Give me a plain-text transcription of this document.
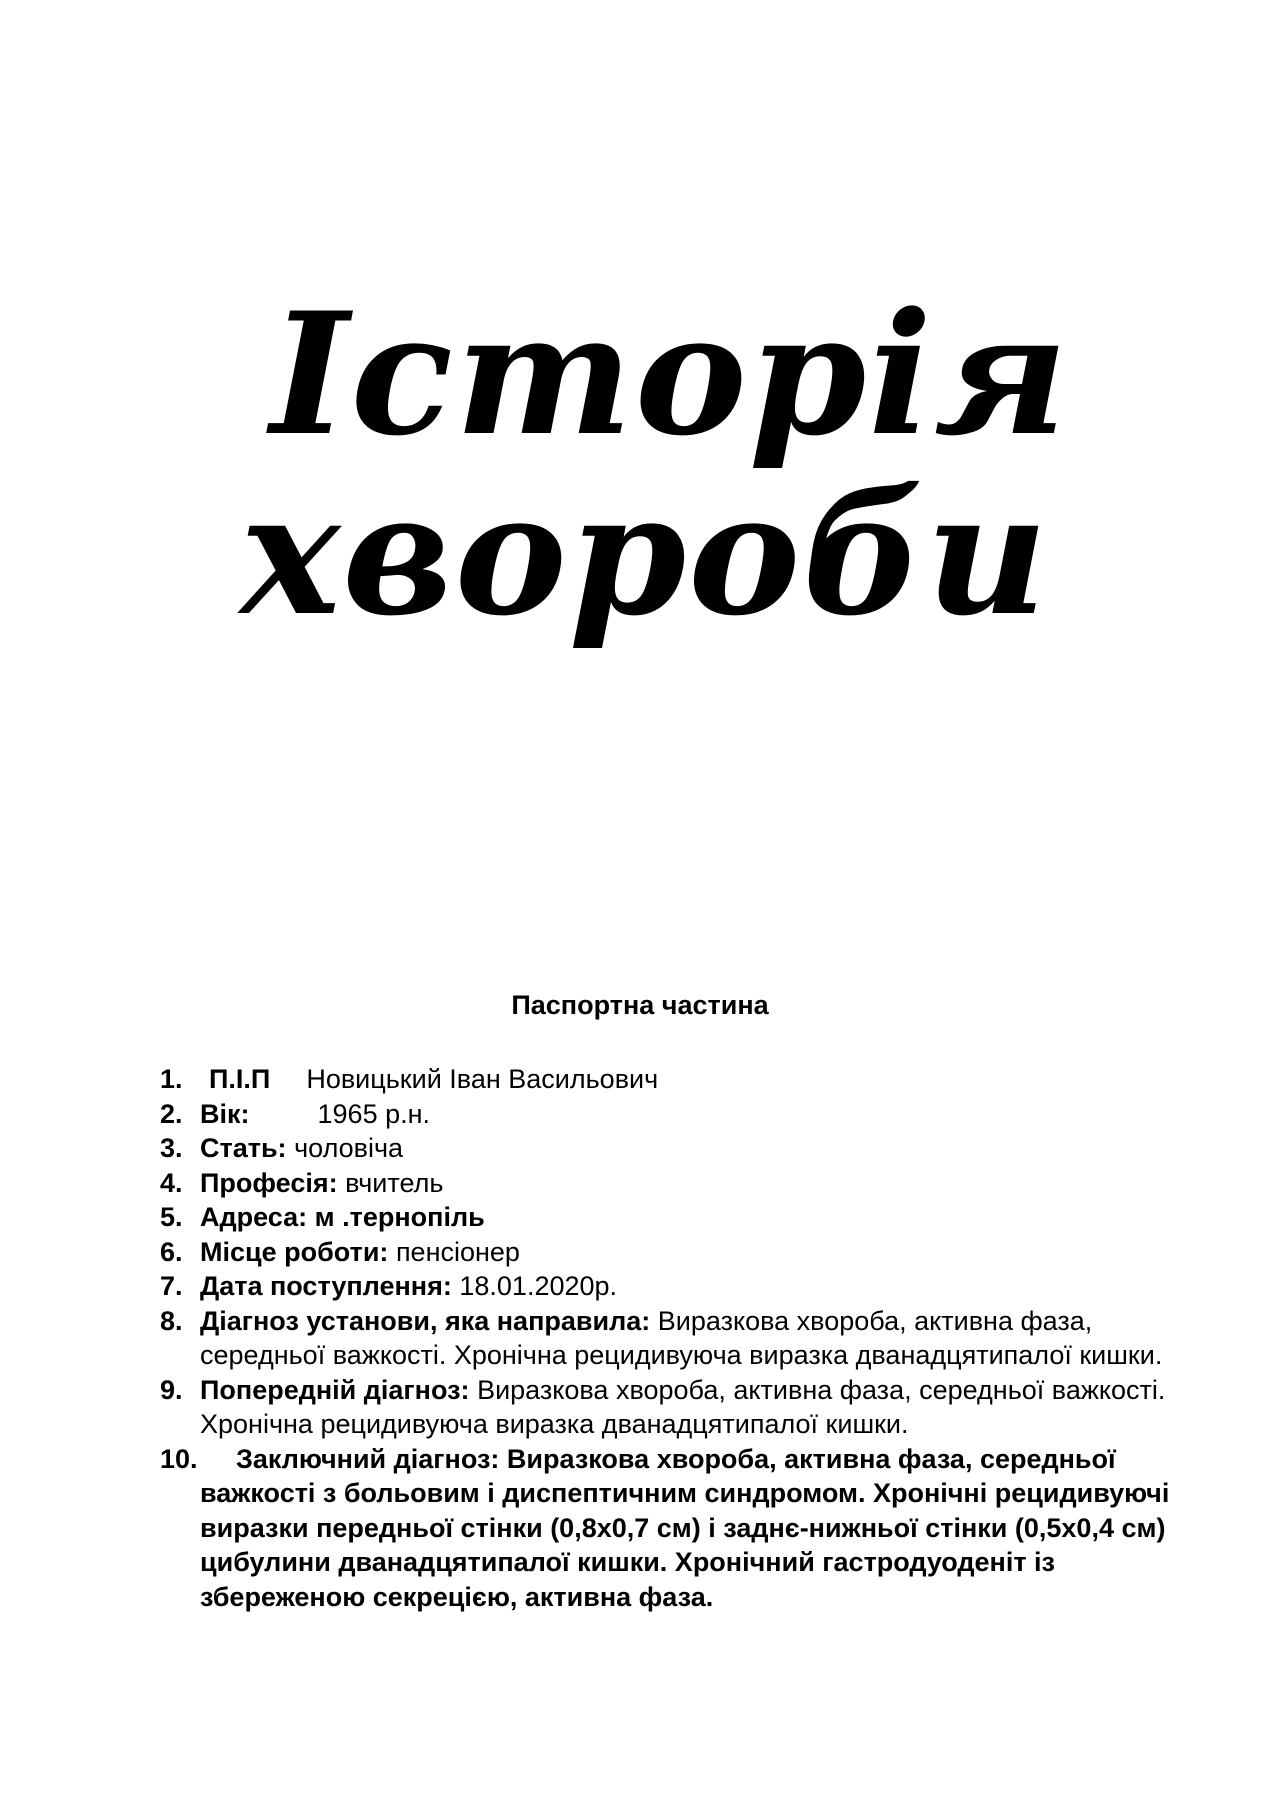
Історія
хвороби
Паспортна частина
1. П.І.П Новицький Іван Васильович
2. Вік:	1965 р.н.
3. Стать: чоловіча
4. Професія: вчитель
5. Адреса: м .тернопіль
6. Місце роботи: пенсіонер
7. Дата поступлення: 18.01.2020р.
8. Діагноз установи, яка направила: Виразкова хвороба, активна фаза, середньої важкості. Хронічна рецидивуюча виразка дванадцятипалої кишки.
9. Попередній діагноз: Виразкова хвороба, активна фаза, середньої важкості. Хронічна рецидивуюча виразка дванадцятипалої кишки.
10. Заключний діагноз: Виразкова хвороба, активна фаза, середньої важкості з больовим і диспептичним синдромом. Хронічні рецидивуючі виразки передньої стінки (0,8х0,7 см) і заднє-нижньої стінки (0,5х0,4 см) цибулини дванадцятипалої кишки. Хронічний гастродуоденіт із збереженою секрецією, активна фаза.
